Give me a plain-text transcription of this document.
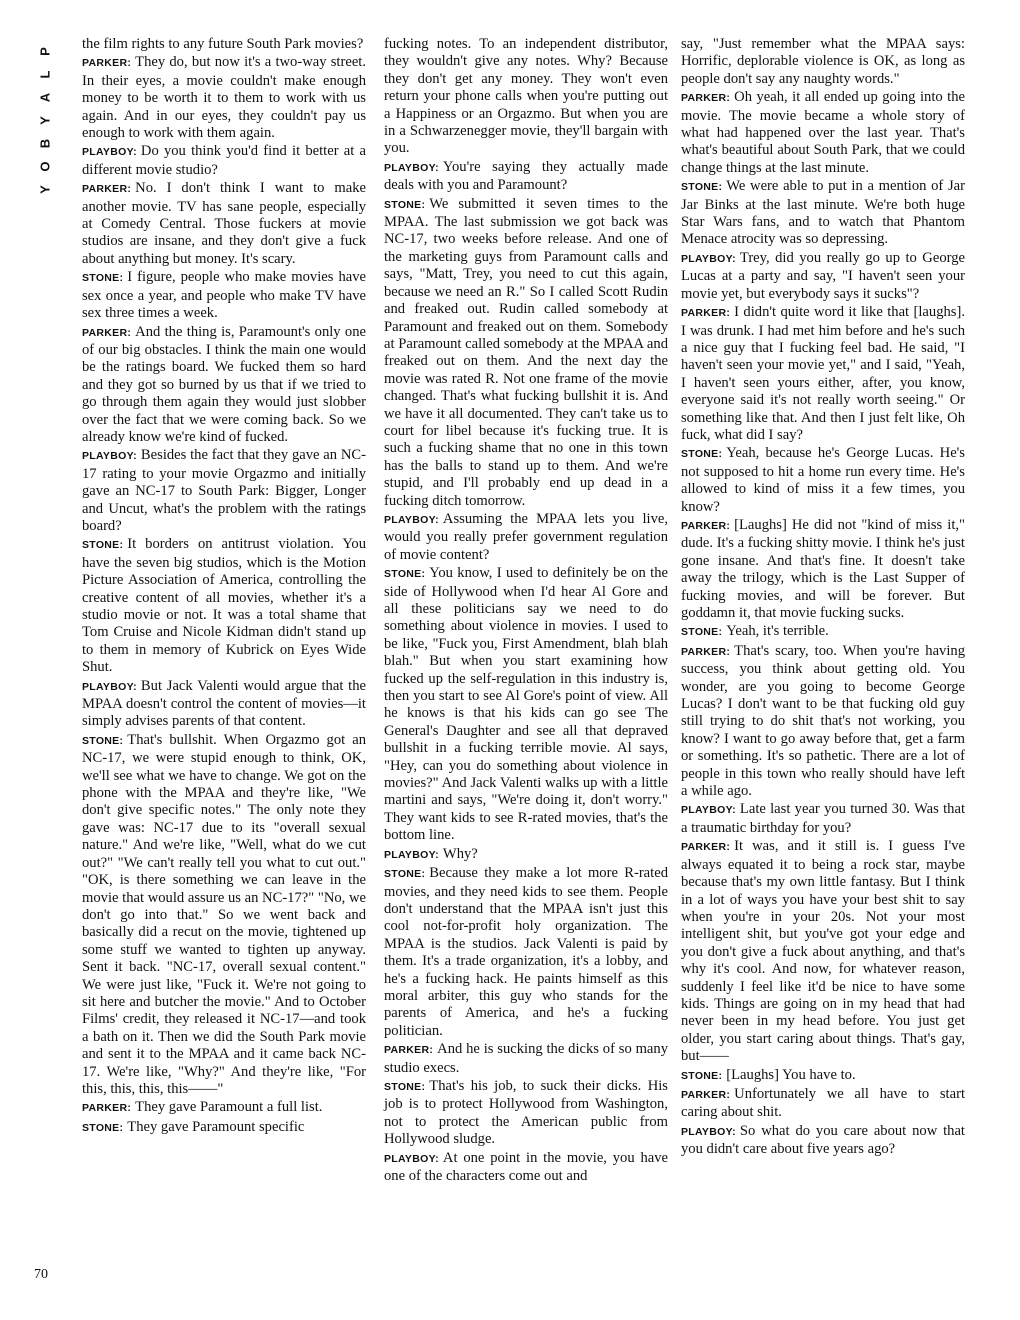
P
L
A
Y
B
O
Y

the film rights to any future South Park movies?

PARKER: They do, but now it's a two-way street. In their eyes, a movie couldn't make enough money to be worth it to them to work with us again. And in our eyes, they couldn't pay us enough to work with them again.

PLAYBOY: Do you think you'd find it better at a different movie studio?

PARKER: No. I don't think I want to make another movie. TV has sane people, especially at Comedy Central. Those fuckers at movie studios are insane, and they don't give a fuck about anything but money. It's scary.

STONE: I figure, people who make movies have sex once a year, and people who make TV have sex three times a week.

PARKER: And the thing is, Paramount's only one of our big obstacles. I think the main one would be the ratings board. We fucked them so hard and they got so burned by us that if we tried to go through them again they would just slobber over the fact that we were coming back. So we already know we're kind of fucked.

PLAYBOY: Besides the fact that they gave an NC-17 rating to your movie Orgazmo and initially gave an NC-17 to South Park: Bigger, Longer and Uncut, what's the problem with the ratings board?

STONE: It borders on antitrust violation. You have the seven big studios, which is the Motion Picture Association of America, controlling the creative content of all movies, whether it's a studio movie or not. It was a total shame that Tom Cruise and Nicole Kidman didn't stand up to them in memory of Kubrick on Eyes Wide Shut.

PLAYBOY: But Jack Valenti would argue that the MPAA doesn't control the content of movies—it simply advises parents of that content.

STONE: That's bullshit. When Orgazmo got an NC-17, we were stupid enough to think, OK, we'll see what we have to change. We got on the phone with the MPAA and they're like, "We don't give specific notes." The only note they gave was: NC-17 due to its "overall sexual nature." And we're like, "Well, what do we cut out?" "We can't really tell you what to cut out." "OK, is there something we can leave in the movie that would assure us an NC-17?" "No, we don't go into that." So we went back and basically did a recut on the movie, tightened up some stuff we wanted to tighten up anyway. Sent it back. "NC-17, overall sexual content." We were just like, "Fuck it. We're not going to sit here and butcher the movie." And to October Films' credit, they released it NC-17—and took a bath on it. Then we did the South Park movie and sent it to the MPAA and it came back NC-17. We're like, "Why?" And they're like, "For this, this, this, this——"

PARKER: They gave Paramount a full list.

STONE: They gave Paramount specific

fucking notes. To an independent distributor, they wouldn't give any notes. Why? Because they don't get any money. They won't even return your phone calls when you're putting out a Happiness or an Orgazmo. But when you are in a Schwarzenegger movie, they'll bargain with you.

PLAYBOY: You're saying they actually made deals with you and Paramount?

STONE: We submitted it seven times to the MPAA. The last submission we got back was NC-17, two weeks before release. And one of the marketing guys from Paramount calls and says, "Matt, Trey, you need to cut this again, because we need an R." So I called Scott Rudin and freaked out. Rudin called somebody at Paramount and freaked out on them. Somebody at Paramount called somebody at the MPAA and freaked out on them. And the next day the movie was rated R. Not one frame of the movie changed. That's what fucking bullshit it is. And we have it all documented. They can't take us to court for libel because it's fucking true. It is such a fucking shame that no one in this town has the balls to stand up to them. And we're stupid, and I'll probably end up dead in a fucking ditch tomorrow.

PLAYBOY: Assuming the MPAA lets you live, would you really prefer government regulation of movie content?

STONE: You know, I used to definitely be on the side of Hollywood when I'd hear Al Gore and all these politicians say we need to do something about violence in movies. I used to be like, "Fuck you, First Amendment, blah blah blah." But when you start examining how fucked up the self-regulation in this industry is, then you start to see Al Gore's point of view. All he knows is that his kids can go see The General's Daughter and see all that depraved bullshit in a fucking terrible movie. Al says, "Hey, can you do something about violence in movies?" And Jack Valenti walks up with a little martini and says, "We're doing it, don't worry." They want kids to see R-rated movies, that's the bottom line.

PLAYBOY: Why?

STONE: Because they make a lot more R-rated movies, and they need kids to see them. People don't understand that the MPAA isn't just this cool not-for-profit holy organization. The MPAA is the studios. Jack Valenti is paid by them. It's a trade organization, it's a lobby, and he's a fucking hack. He paints himself as this moral arbiter, this guy who stands for the parents of America, and he's a fucking politician.

PARKER: And he is sucking the dicks of so many studio execs.

STONE: That's his job, to suck their dicks. His job is to protect Hollywood from Washington, not to protect the American public from Hollywood sludge.

PLAYBOY: At one point in the movie, you have one of the characters come out and

say, "Just remember what the MPAA says: Horrific, deplorable violence is OK, as long as people don't say any naughty words."

PARKER: Oh yeah, it all ended up going into the movie. The movie became a whole story of what had happened over the last year. That's what's beautiful about South Park, that we could change things at the last minute.

STONE: We were able to put in a mention of Jar Jar Binks at the last minute. We're both huge Star Wars fans, and to watch that Phantom Menace atrocity was so depressing.

PLAYBOY: Trey, did you really go up to George Lucas at a party and say, "I haven't seen your movie yet, but everybody says it sucks"?

PARKER: I didn't quite word it like that [laughs]. I was drunk. I had met him before and he's such a nice guy that I fucking feel bad. He said, "I haven't seen your movie yet," and I said, "Yeah, I haven't seen yours either, after, you know, everyone said it's not really worth seeing." Or something like that. And then I just felt like, Oh fuck, what did I say?

STONE: Yeah, because he's George Lucas. He's not supposed to hit a home run every time. He's allowed to kind of miss it a few times, you know?

PARKER: [Laughs] He did not "kind of miss it," dude. It's a fucking shitty movie. I think he's just gone insane. And that's fine. It doesn't take away the trilogy, which is the Last Supper of fucking movies, and will be forever. But goddamn it, that movie fucking sucks.

STONE: Yeah, it's terrible.

PARKER: That's scary, too. When you're having success, you think about getting old. You wonder, are you going to become George Lucas? I don't want to be that fucking old guy still trying to do shit that's not working, you know? I want to go away before that, get a farm or something. It's so pathetic. There are a lot of people in this town who really should have left a while ago.

PLAYBOY: Late last year you turned 30. Was that a traumatic birthday for you?

PARKER: It was, and it still is. I guess I've always equated it to being a rock star, maybe because that's my own little fantasy. But I think in a lot of ways you have your best shit to say when you're in your 20s. Not your most intelligent shit, but you've got your edge and you don't give a fuck about anything, and that's why it's cool. And now, for whatever reason, suddenly I feel like it'd be nice to have some kids. Things are going on in my head that had never been in my head before. You just get older, you start caring about things. That's gay, but——

STONE: [Laughs] You have to.

PARKER: Unfortunately we all have to start caring about shit.

PLAYBOY: So what do you care about now that you didn't care about five years ago?

70
